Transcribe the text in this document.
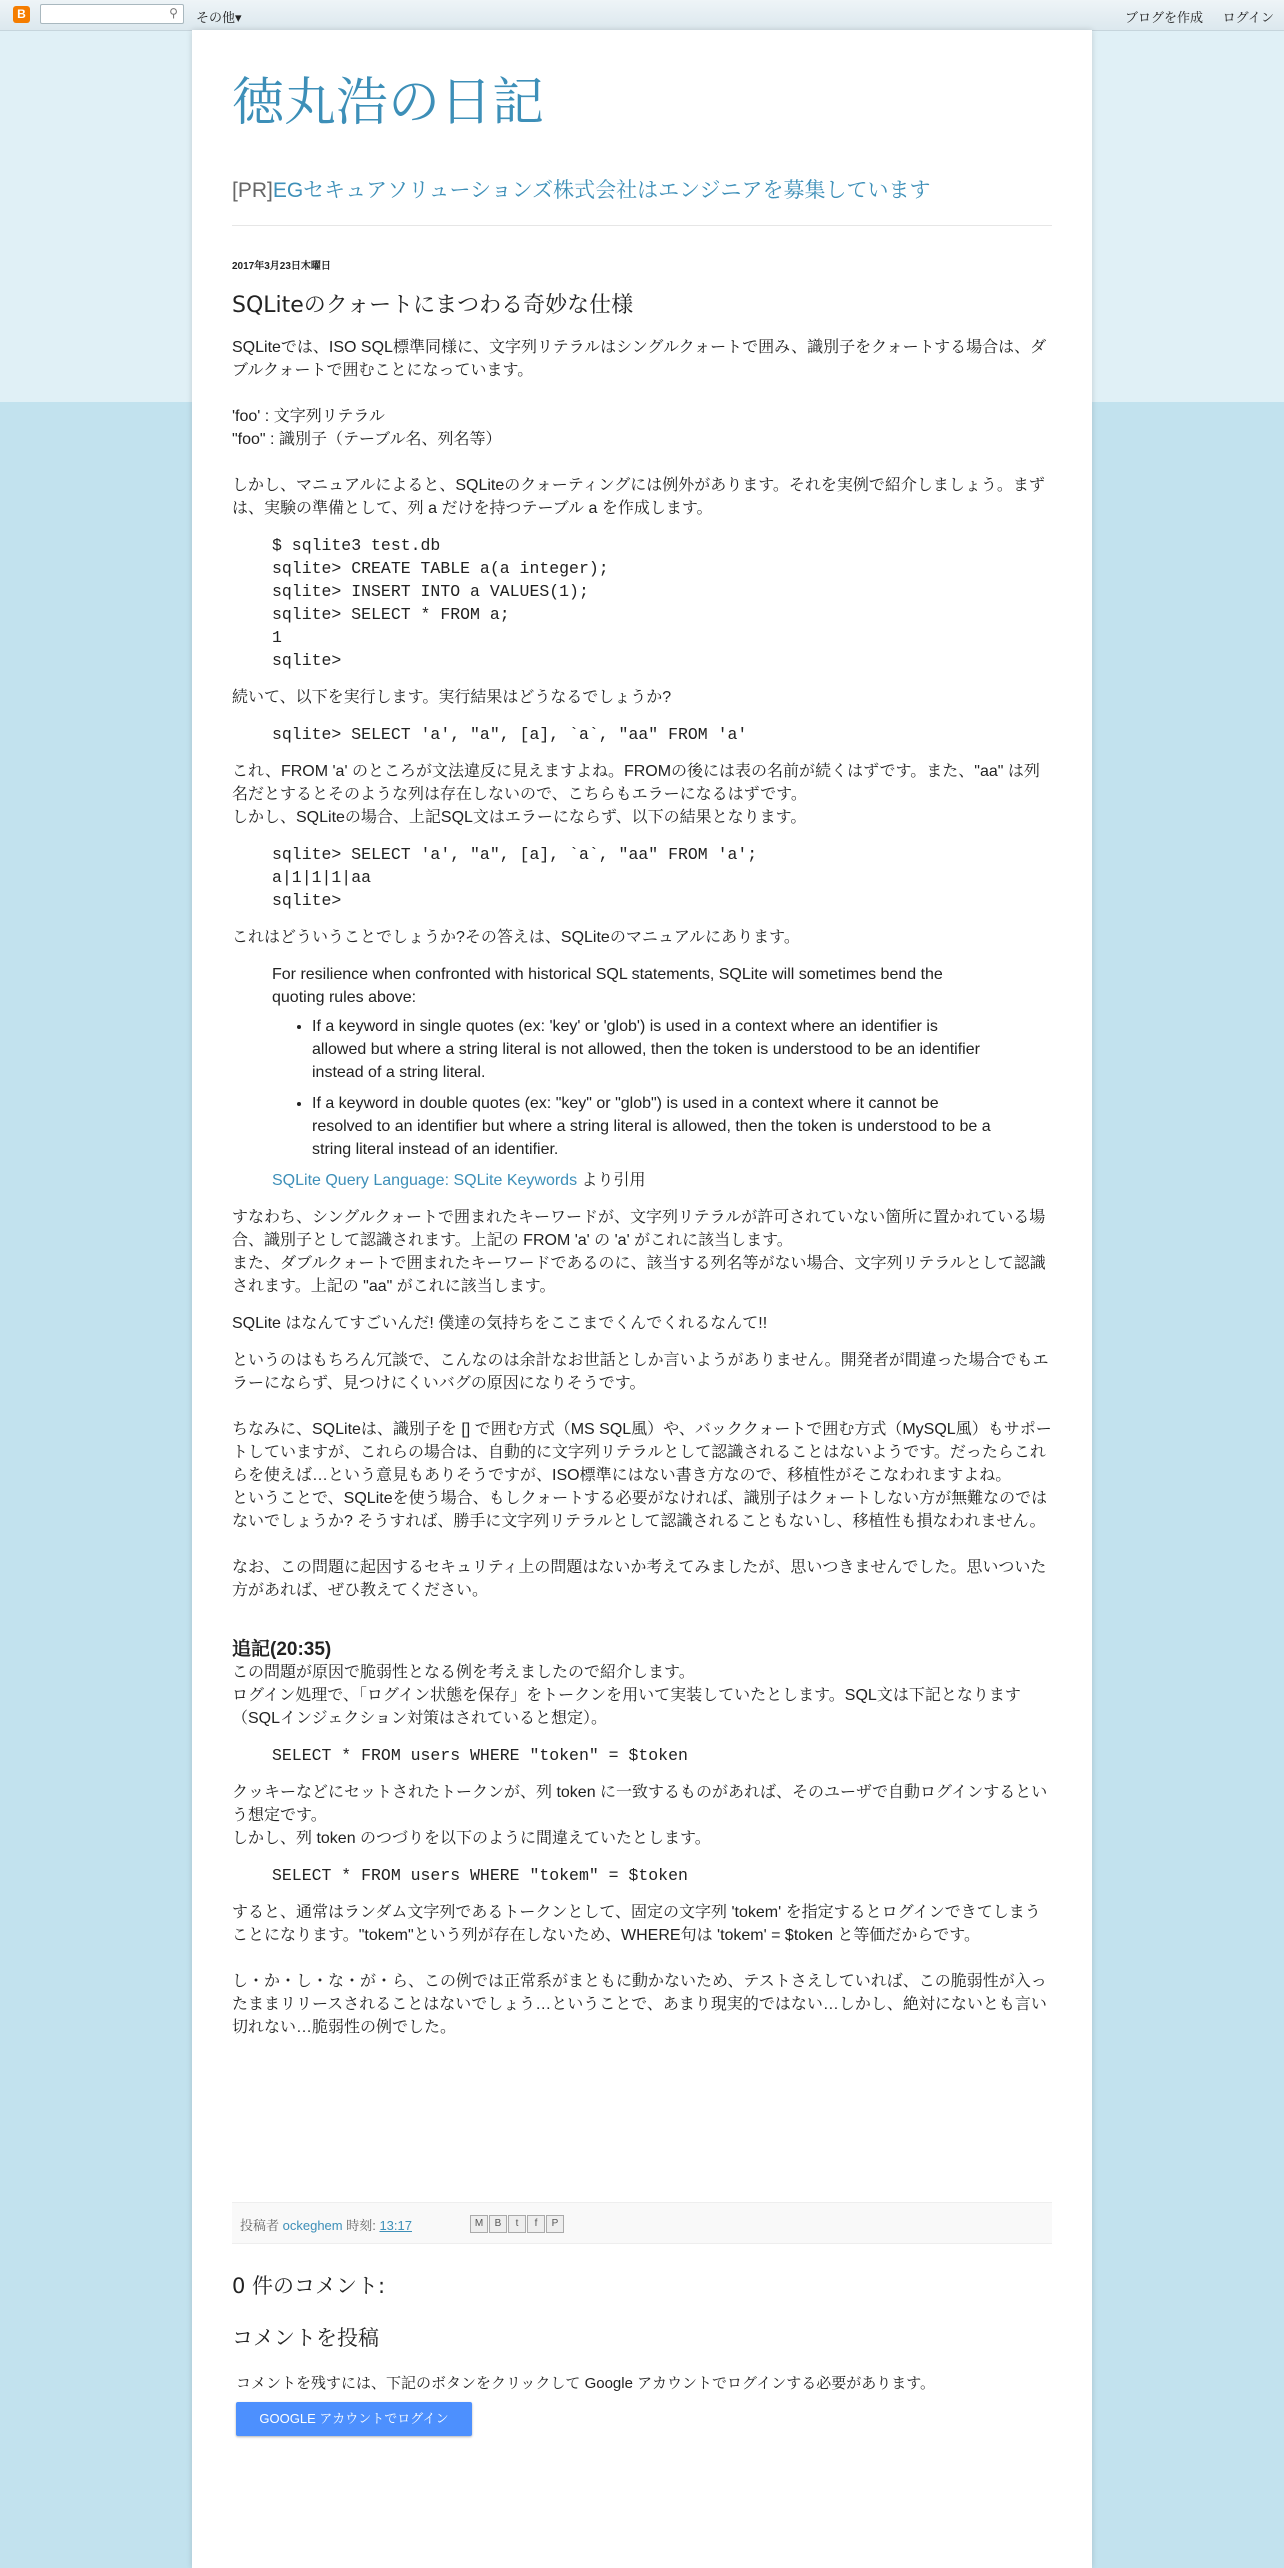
B	⚲ その他▾	ブログを作成 ログイン
徳丸浩の日記
[PR]EGセキュアソリューションズ株式会社はエンジニアを募集しています
2017年3月23日木曜日
SQLiteのクォートにまつわる奇妙な仕様

SQLiteでは、ISO SQL標準同様に、文字列リテラルはシングルクォートで囲み、識別子をクォートする場合は、ダブルクォートで囲むことになっています。

'foo' : 文字列リテラル

"foo" : 識別子（テーブル名、列名等）

しかし、マニュアルによると、SQLiteのクォーティングには例外があります。それを実例で紹介しましょう。まずは、実験の準備として、列 a だけを持つテーブル a を作成します。

$ sqlite3 test.db
sqlite> CREATE TABLE a(a integer);
sqlite> INSERT INTO a VALUES(1);
sqlite> SELECT * FROM a;
1
sqlite>

続いて、以下を実行します。実行結果はどうなるでしょうか?

sqlite> SELECT 'a', "a", [a], `a`, "aa" FROM 'a'

これ、FROM 'a' のところが文法違反に見えますよね。FROMの後には表の名前が続くはずです。また、"aa" は列名だとするとそのような列は存在しないので、こちらもエラーになるはずです。

しかし、SQLiteの場合、上記SQL文はエラーにならず、以下の結果となります。

sqlite> SELECT 'a', "a", [a], `a`, "aa" FROM 'a';
a|1|1|1|aa
sqlite>

これはどういうことでしょうか?その答えは、SQLiteのマニュアルにあります。

For resilience when confronted with historical SQL statements, SQLite will sometimes bend the quoting rules above:

• If a keyword in single quotes (ex: 'key' or 'glob') is used in a context where an identifier is allowed but where a string literal is not allowed, then the token is understood to be an identifier instead of a string literal.
• If a keyword in double quotes (ex: "key" or "glob") is used in a context where it cannot be resolved to an identifier but where a string literal is allowed, then the token is understood to be a string literal instead of an identifier.

SQLite Query Language: SQLite Keywords より引用

すなわち、シングルクォートで囲まれたキーワードが、文字列リテラルが許可されていない箇所に置かれている場合、識別子として認識されます。上記の FROM 'a' の 'a' がこれに該当します。

また、ダブルクォートで囲まれたキーワードであるのに、該当する列名等がない場合、文字列リテラルとして認識されます。上記の "aa" がこれに該当します。

SQLite はなんてすごいんだ! 僕達の気持ちをここまでくんでくれるなんて!!

というのはもちろん冗談で、こんなのは余計なお世話としか言いようがありません。開発者が間違った場合でもエラーにならず、見つけにくいバグの原因になりそうです。

ちなみに、SQLiteは、識別子を [] で囲む方式（MS SQL風）や、バッククォートで囲む方式（MySQL風）もサポートしていますが、これらの場合は、自動的に文字列リテラルとして認識されることはないようです。だったらこれらを使えば…という意見もありそうですが、ISO標準にはない書き方なので、移植性がそこなわれますよね。

ということで、SQLiteを使う場合、もしクォートする必要がなければ、識別子はクォートしない方が無難なのではないでしょうか? そうすれば、勝手に文字列リテラルとして認識されることもないし、移植性も損なわれません。

なお、この問題に起因するセキュリティ上の問題はないか考えてみましたが、思いつきませんでした。思いついた方があれば、ぜひ教えてください。

追記(20:35)

この問題が原因で脆弱性となる例を考えましたので紹介します。

ログイン処理で、「ログイン状態を保存」をトークンを用いて実装していたとします。SQL文は下記となります（SQLインジェクション対策はされていると想定）。

SELECT * FROM users WHERE "token" = $token

クッキーなどにセットされたトークンが、列 token に一致するものがあれば、そのユーザで自動ログインするという想定です。

しかし、列 token のつづりを以下のように間違えていたとします。

SELECT * FROM users WHERE "tokem" = $token

すると、通常はランダム文字列であるトークンとして、固定の文字列 'tokem' を指定するとログインできてしまうことになります。"tokem"という列が存在しないため、WHERE句は 'tokem' = $token と等価だからです。

し・か・し・な・が・ら、この例では正常系がまともに動かないため、テストさえしていれば、この脆弱性が入ったままリリースされることはないでしょう…ということで、あまり現実的ではない…しかし、絶対にないとも言い切れない…脆弱性の例でした。

投稿者 ockeghem 時刻: 13:17	M	B	t	f	P
0 件のコメント:
コメントを投稿
コメントを残すには、下記のボタンをクリックして Google アカウントでログインする必要があります。
GOOGLE アカウントでログイン
